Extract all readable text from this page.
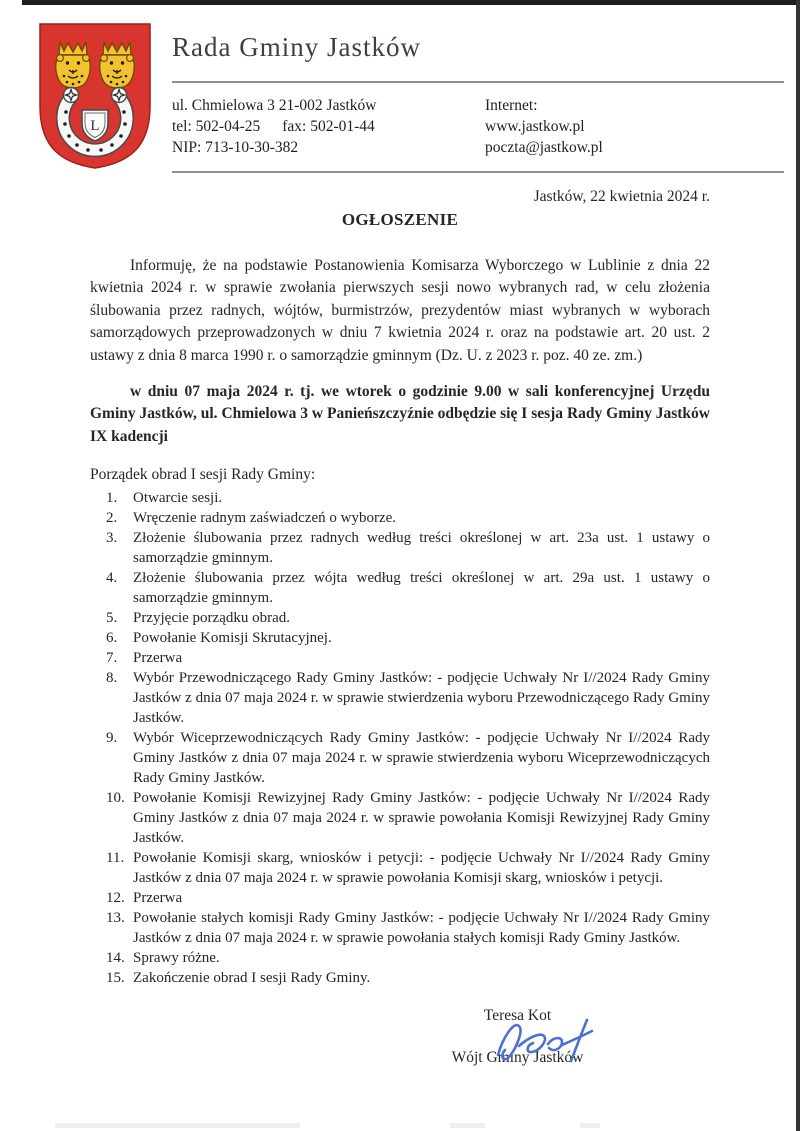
L
Rada Gminy Jastków
ul. Chmielowa 3 21-002 Jastków
tel: 502-04-25 fax: 502-01-44
NIP: 713-10-30-382
Internet:
www.jastkow.pl
poczta@jastkow.pl
Jastków, 22 kwietnia 2024 r.
OGŁOSZENIE

Informuję, że na podstawie Postanowienia Komisarza Wyborczego w Lublinie z dnia 22 kwietnia 2024 r. w sprawie zwołania pierwszych sesji nowo wybranych rad, w celu złożenia ślubowania przez radnych, wójtów, burmistrzów, prezydentów miast wybranych w wyborach samorządowych przeprowadzonych w dniu 7 kwietnia 2024 r. oraz na podstawie art. 20 ust. 2 ustawy z dnia 8 marca 1990 r. o samorządzie gminnym (Dz. U. z 2023 r. poz. 40 ze. zm.)

w dniu 07 maja 2024 r. tj. we wtorek o godzinie 9.00 w sali konferencyjnej Urzędu Gminy Jastków, ul. Chmielowa 3 w Panieńszczyźnie odbędzie się I sesja Rady Gminy Jastków IX kadencji

Porządek obrad I sesji Rady Gminy:
1. Otwarcie sesji.
2. Wręczenie radnym zaświadczeń o wyborze.
3. Złożenie ślubowania przez radnych według treści określonej w art. 23a ust. 1 ustawy o samorządzie gminnym.
4. Złożenie ślubowania przez wójta według treści określonej w art. 29a ust. 1 ustawy o samorządzie gminnym.
5. Przyjęcie porządku obrad.
6. Powołanie Komisji Skrutacyjnej.
7. Przerwa
8. Wybór Przewodniczącego Rady Gminy Jastków: - podjęcie Uchwały Nr I//2024 Rady Gminy Jastków z dnia 07 maja 2024 r. w sprawie stwierdzenia wyboru Przewodniczącego Rady Gminy Jastków.
9. Wybór Wiceprzewodniczących Rady Gminy Jastków: - podjęcie Uchwały Nr I//2024 Rady Gminy Jastków z dnia 07 maja 2024 r. w sprawie stwierdzenia wyboru Wiceprzewodniczących Rady Gminy Jastków.
10. Powołanie Komisji Rewizyjnej Rady Gminy Jastków: - podjęcie Uchwały Nr I//2024 Rady Gminy Jastków z dnia 07 maja 2024 r. w sprawie powołania Komisji Rewizyjnej Rady Gminy Jastków.
11. Powołanie Komisji skarg, wniosków i petycji: - podjęcie Uchwały Nr I//2024 Rady Gminy Jastków z dnia 07 maja 2024 r. w sprawie powołania Komisji skarg, wniosków i petycji.
12. Przerwa
13. Powołanie stałych komisji Rady Gminy Jastków: - podjęcie Uchwały Nr I//2024 Rady Gminy Jastków z dnia 07 maja 2024 r. w sprawie powołania stałych komisji Rady Gminy Jastków.
14. Sprawy różne.
15. Zakończenie obrad I sesji Rady Gminy.
Teresa Kot
Wójt Gminy Jastków
